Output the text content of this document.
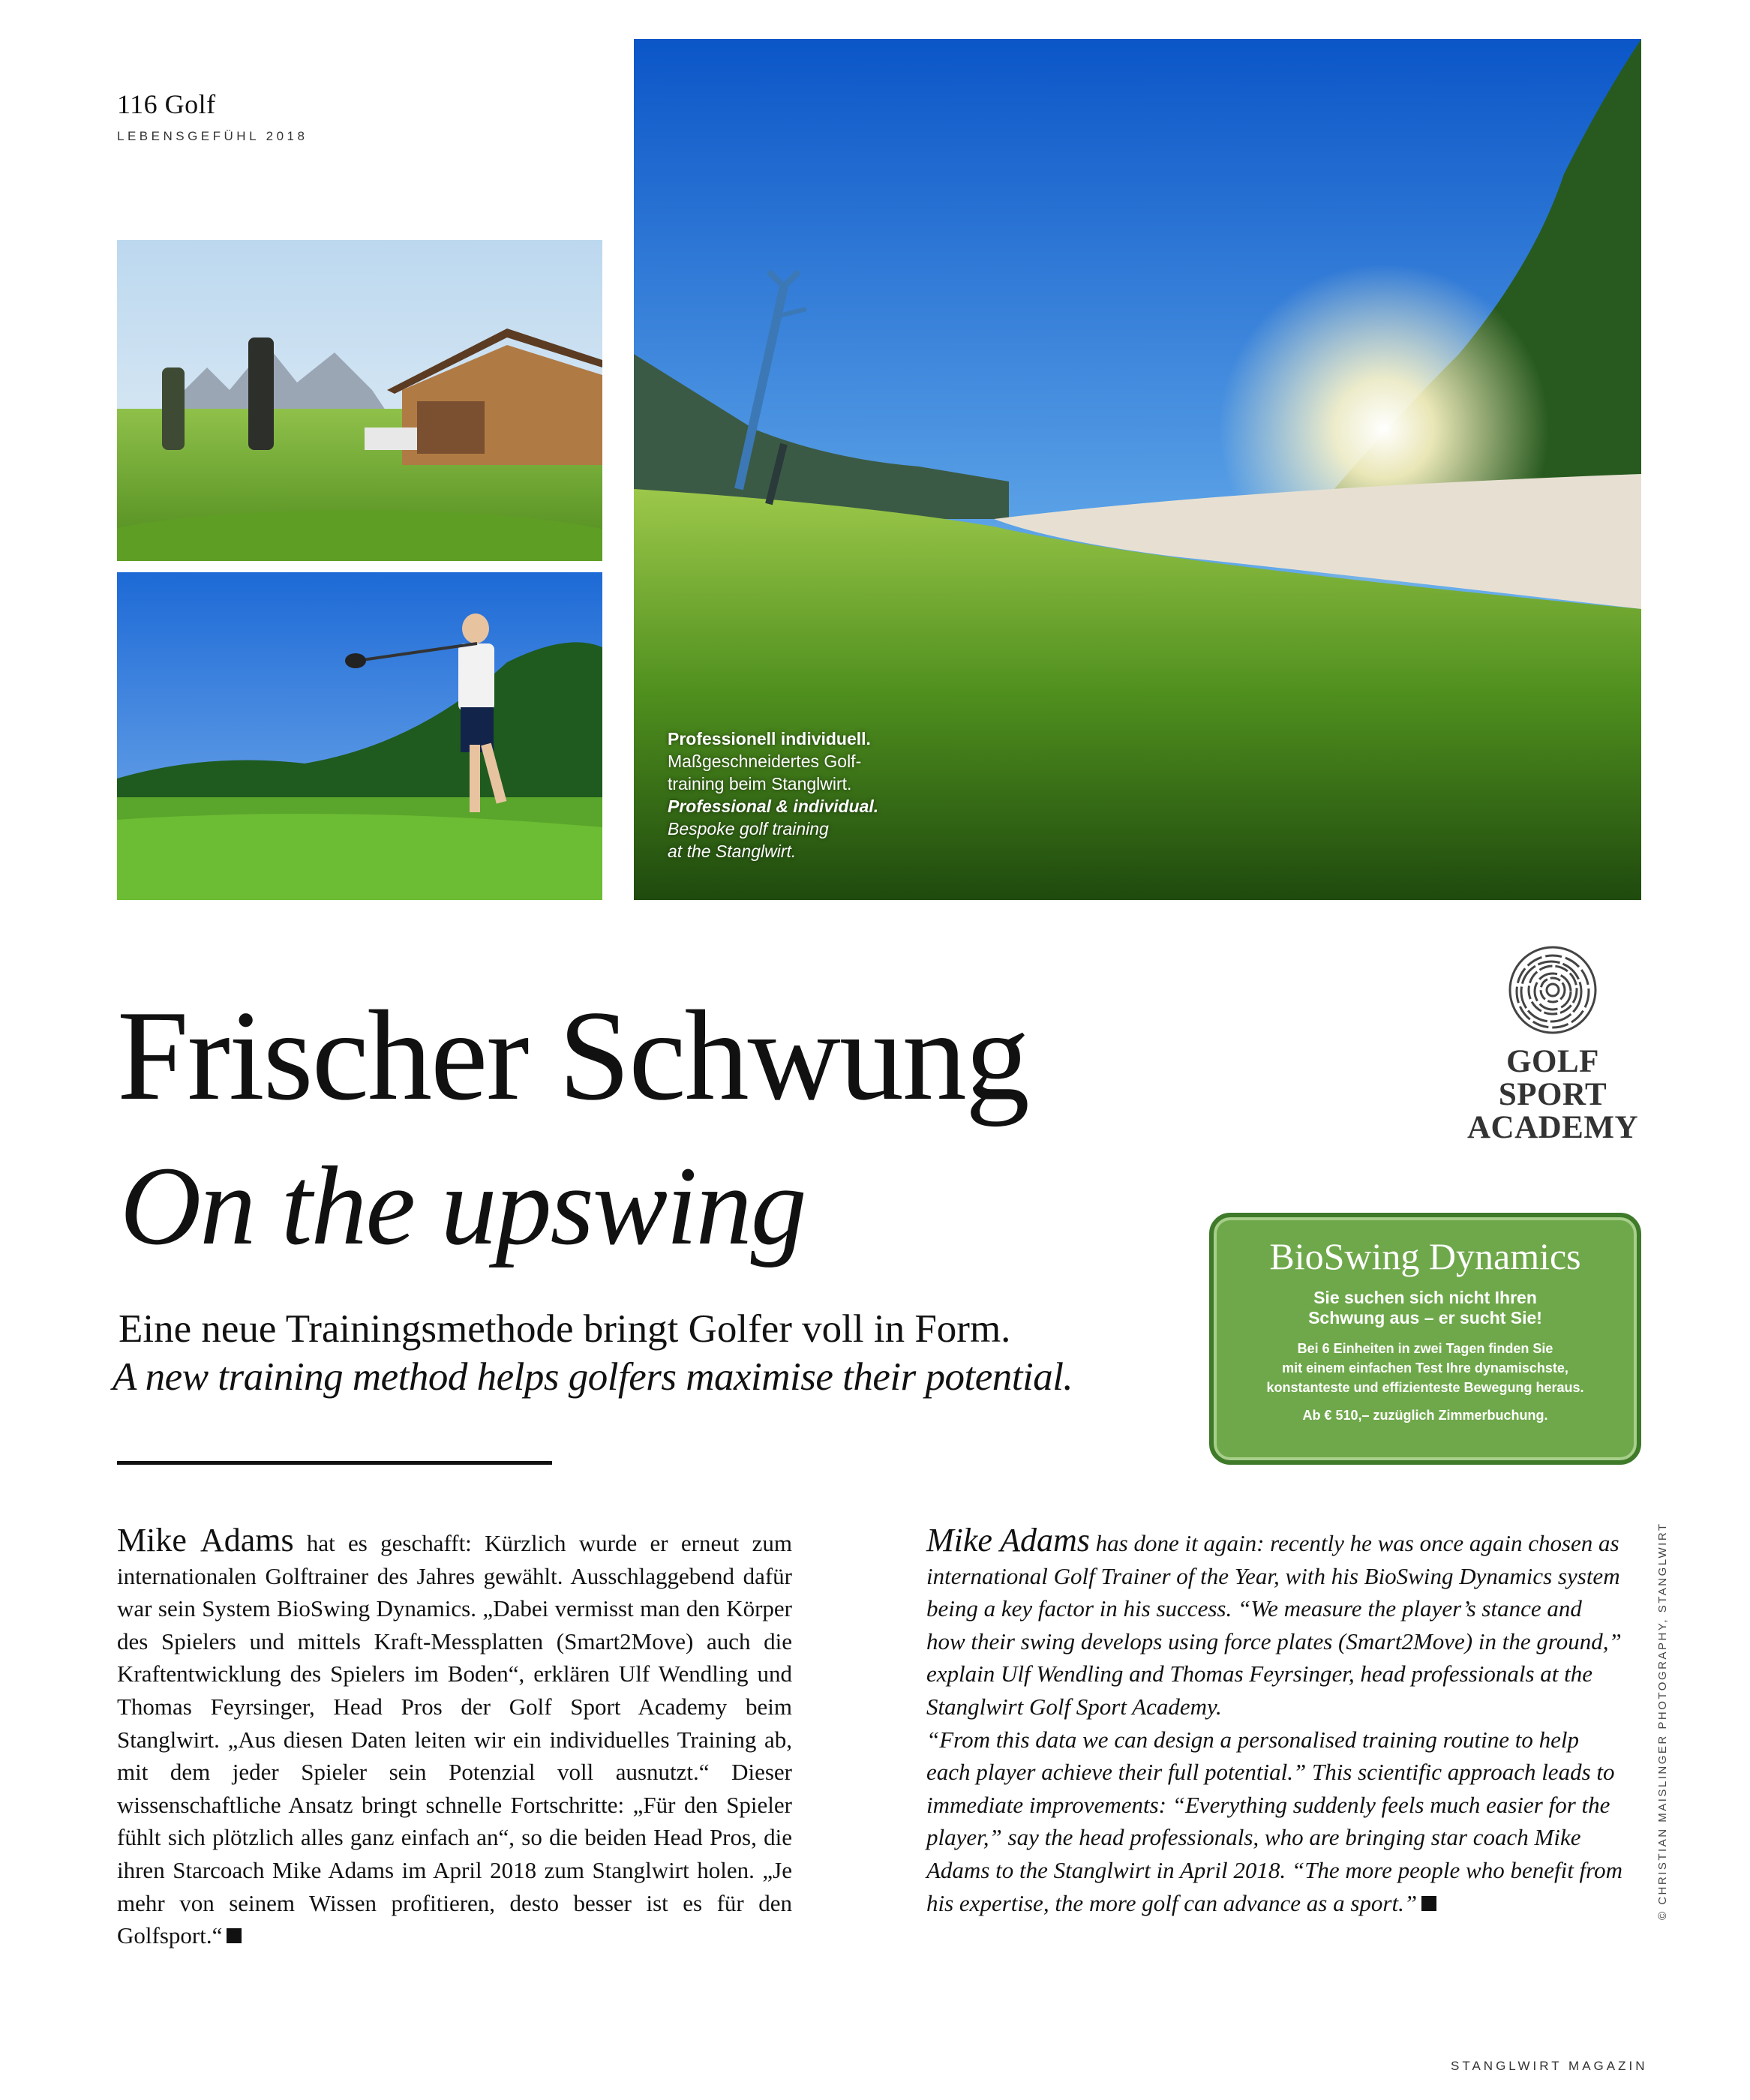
116 Golf
LEBENSGEFÜHL 2018
Professionell individuell.
Maßgeschneidertes Golf-
training beim Stanglwirt.
Professional & individual.
Bespoke golf training
at the Stanglwirt.
GOLF
SPORT
ACADEMY
Frischer Schwung
On the upswing
Eine neue Trainingsmethode bringt Golfer voll in Form.
A new training method helps golfers maximise their potential.
BioSwing Dynamics
Sie suchen sich nicht Ihren
Schwung aus – er sucht Sie!
Bei 6 Einheiten in zwei Tagen finden Sie
mit einem einfachen Test Ihre dynamischste,
konstanteste und effizienteste Bewegung heraus.
Ab € 510,– zuzüglich Zimmerbuchung.
Mike Adams hat es geschafft: Kürzlich wurde er erneut zum internationalen Golftrainer des Jahres gewählt. Ausschlaggebend dafür war sein System BioSwing Dynamics. „Dabei vermisst man den Körper des Spielers und mittels Kraft-Messplatten (Smart2Move) auch die Kraftentwicklung des Spielers im Boden“, erklären Ulf Wendling und Thomas Feyrsinger, Head Pros der Golf Sport Academy beim Stanglwirt. „Aus diesen Daten leiten wir ein individuelles Training ab, mit dem jeder Spieler sein Potenzial voll ausnutzt.“ Dieser wissenschaftliche Ansatz bringt schnelle Fortschritte: „Für den Spieler fühlt sich plötzlich alles ganz einfach an“, so die beiden Head Pros, die ihren Starcoach Mike Adams im April 2018 zum Stanglwirt holen. „Je mehr von seinem Wissen profitieren, desto besser ist es für den Golfsport.“
Mike Adams has done it again: recently he was once again chosen as international Golf Trainer of the Year, with his BioSwing Dynamics system being a key factor in his success. “We measure the player’s stance and how their swing develops using force plates (Smart2Move) in the ground,” explain Ulf Wendling and Thomas Feyrsinger, head professionals at the Stanglwirt Golf Sport Academy.
“From this data we can design a personalised training routine to help each player achieve their full potential.” This scientific approach leads to immediate improvements: “Everything suddenly feels much easier for the player,” say the head professionals, who are bringing star coach Mike Adams to the Stanglwirt in April 2018. “The more people who benefit from his expertise, the more golf can advance as a sport.”	© CHRISTIAN MAISLINGER PHOTOGRAPHY, STANGLWIRT
STANGLWIRT MAGAZIN
